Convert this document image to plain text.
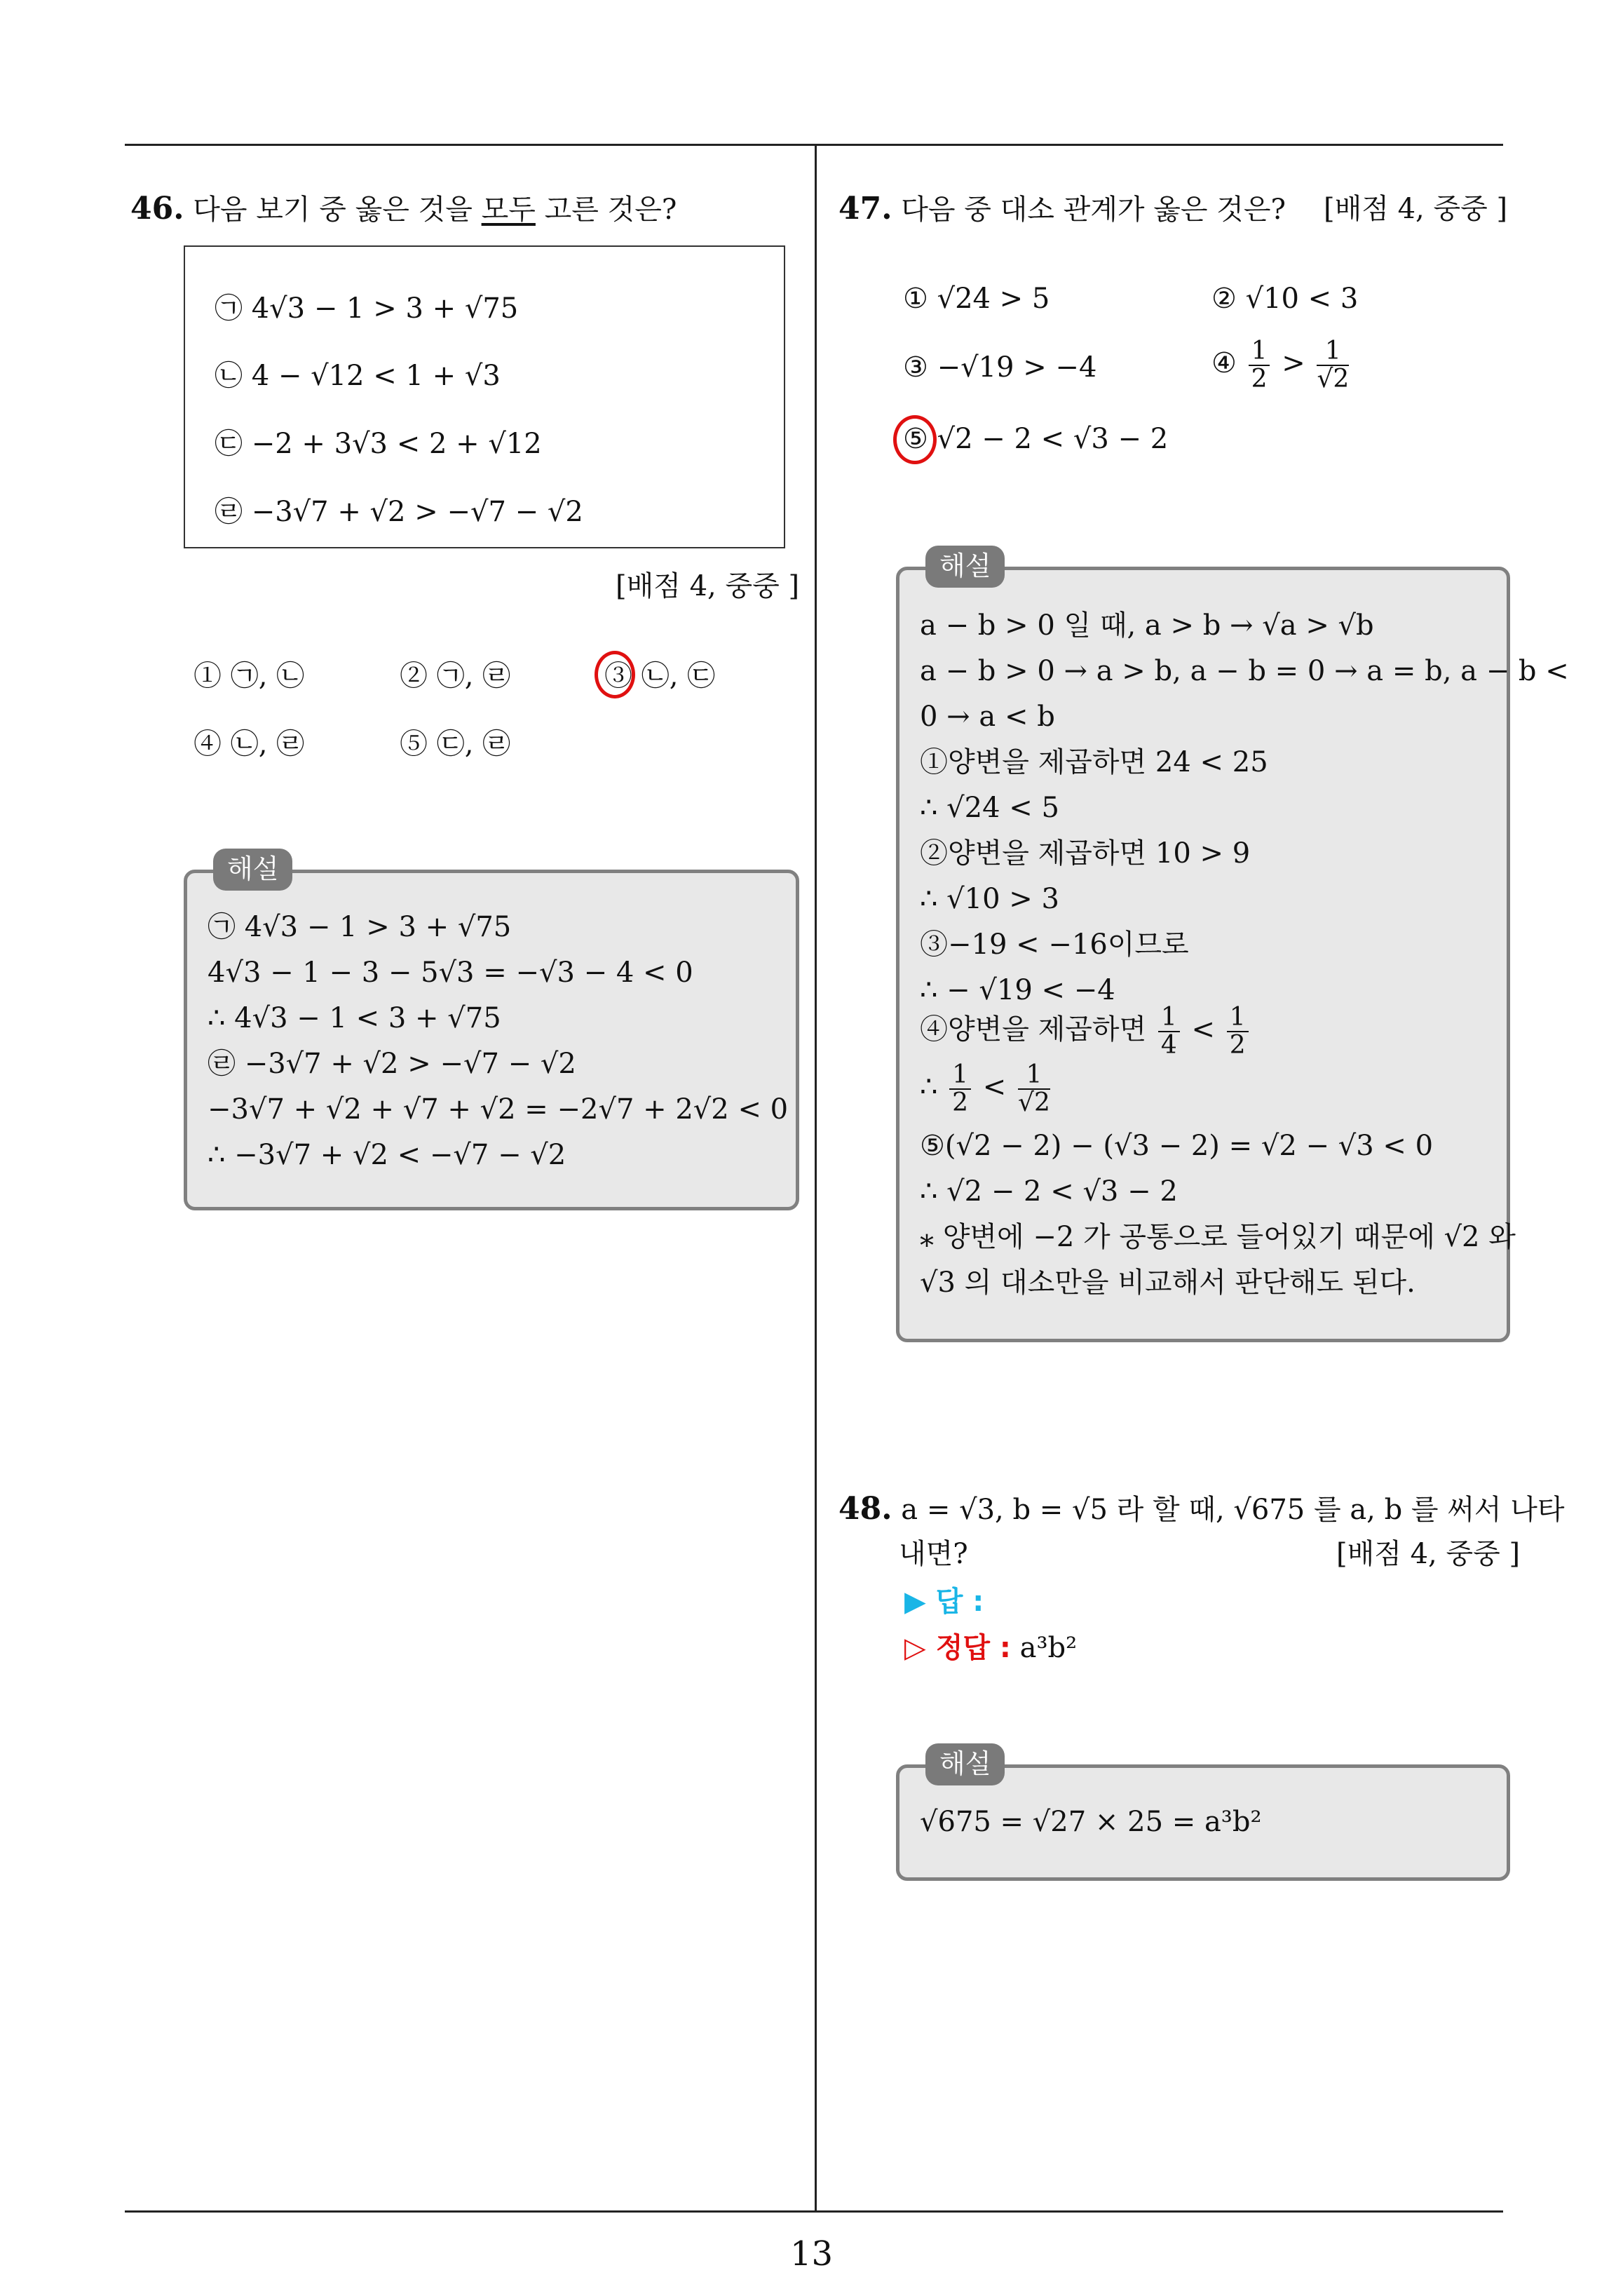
46. 다음 보기 중 옳은 것을 모두 고른 것은?
㉠ 4√3 − 1 > 3 + √75
㉡ 4 − √12 < 1 + √3
㉢ −2 + 3√3 < 2 + √12
㉣ −3√7 + √2 > −√7 − √2
[배점 4, 중중 ]
① ㉠, ㉡	② ㉠, ㉣	③ ㉡, ㉢
④ ㉡, ㉣	⑤ ㉢, ㉣
해설
㉠ 4√3 − 1 > 3 + √75
4√3 − 1 − 3 − 5√3 = −√3 − 4 < 0
∴ 4√3 − 1 < 3 + √75
㉣ −3√7 + √2 > −√7 − √2
−3√7 + √2 + √7 + √2 = −2√7 + 2√2 < 0
∴ −3√7 + √2 < −√7 − √2
47. 다음 중 대소 관계가 옳은 것은? [배점 4, 중중 ]
① √24 > 5	② √10 < 3
③ −√19 > −4	④ $\frac{1}{2} > \frac{1}{√2}$
⑤ √2 − 2 < √3 − 2
해설
a − b > 0 일 때, a > b → √a > √b
a − b > 0 → a > b, a − b = 0 → a = b, a − b <
0 → a < b
①양변을 제곱하면 24 < 25
∴ √24 < 5
②양변을 제곱하면 10 > 9
∴ √10 > 3
③−19 < −16이므로
∴ − √19 < −4
④양변을 제곱하면 $\frac{1}{4} < \frac{1}{2}$
∴ $\frac{1}{2} < \frac{1}{√2}$
⑤(√2 − 2) − (√3 − 2) = √2 − √3 < 0
∴ √2 − 2 < √3 − 2
⁎ 양변에 −2 가 공통으로 들어있기 때문에 √2 와
√3 의 대소만을 비교해서 판단해도 된다.
48. a = √3, b = √5 라 할 때, √675 를 a, b 를 써서 나타
내면?	[배점 4, 중중 ]
▶ 답 :
▷ 정답 : a³b²
해설
√675 = √27 × 25 = a³b²
13
